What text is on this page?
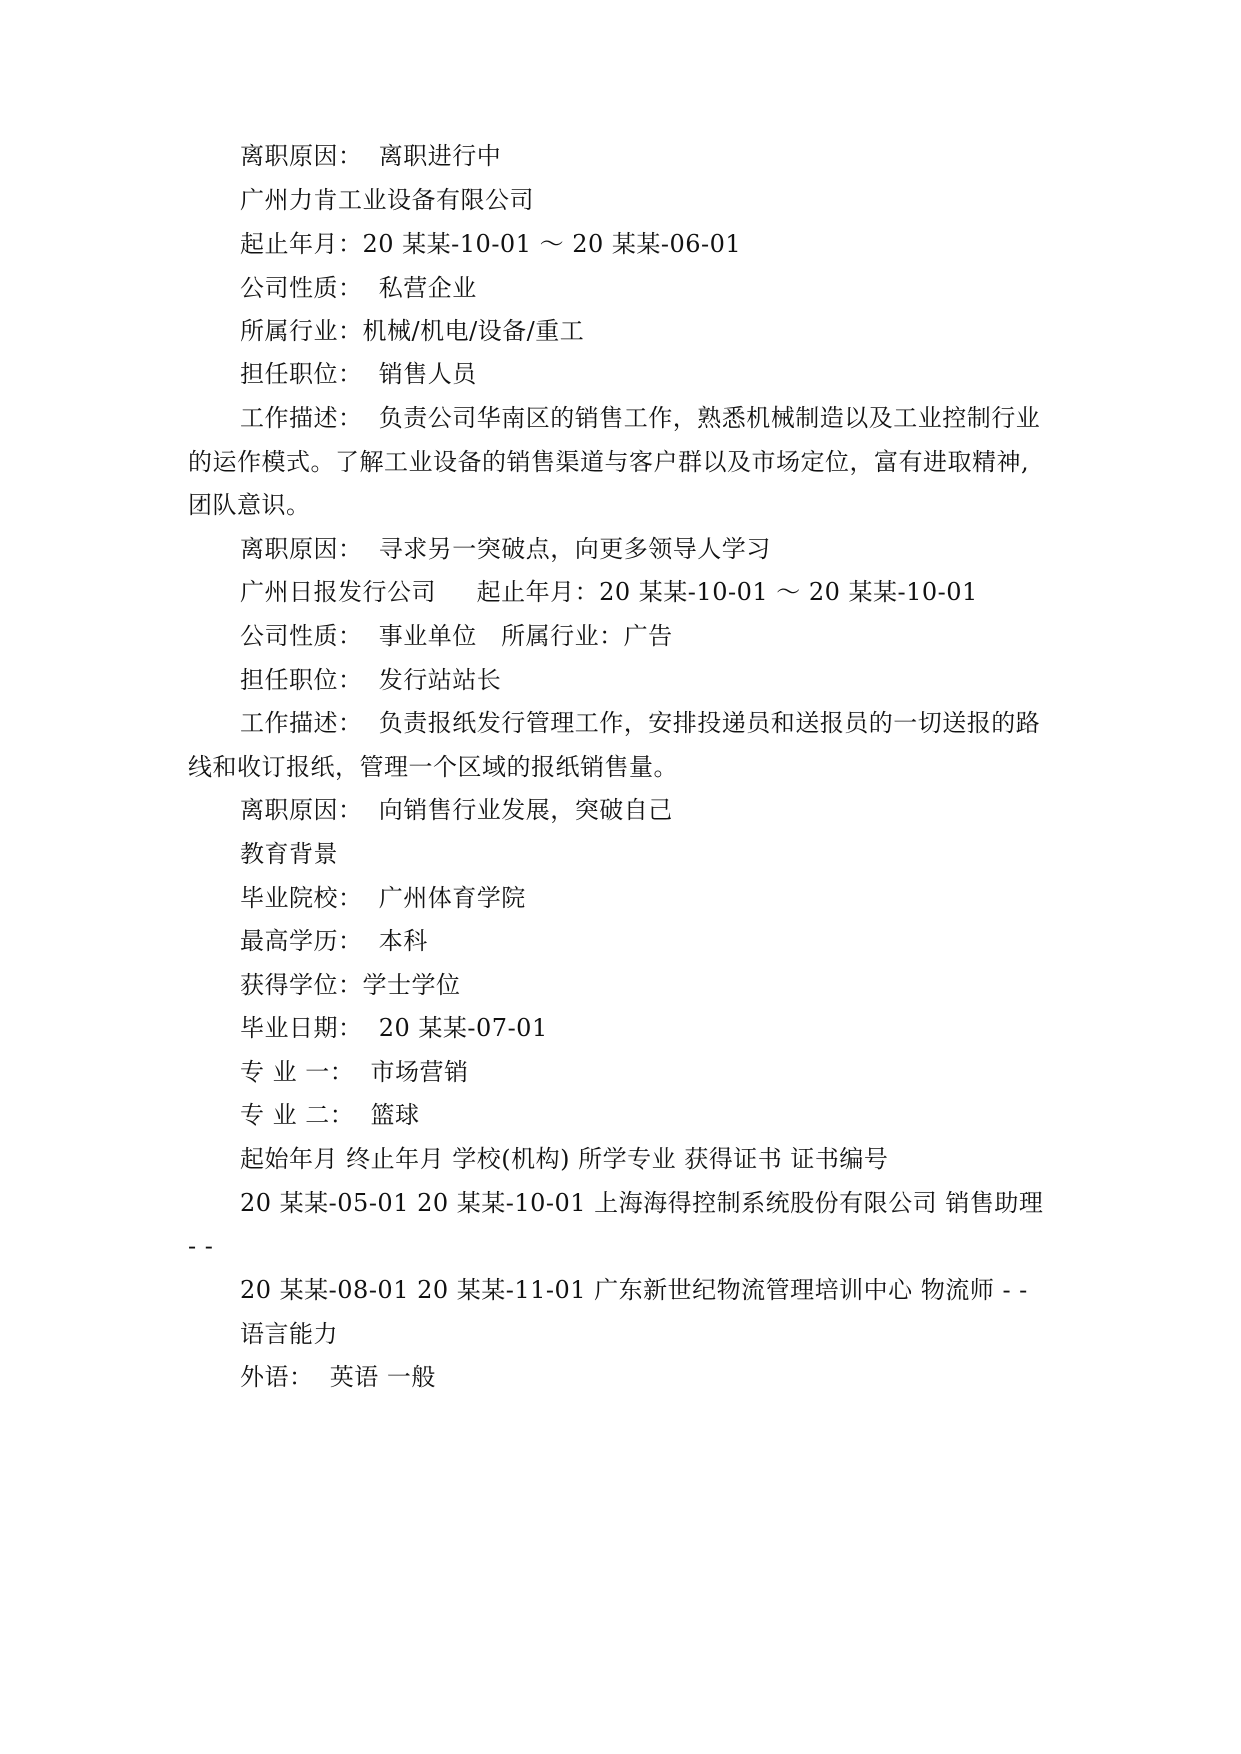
离职原因：  离职进行中

广州力肯工业设备有限公司

起止年月：20 某某-10-01 ～ 20 某某-06-01

公司性质：  私营企业

所属行业：机械/机电/设备/重工

担任职位：  销售人员

工作描述：  负责公司华南区的销售工作，熟悉机械制造以及工业控制行业

的运作模式。了解工业设备的销售渠道与客户群以及市场定位，富有进取精神,

团队意识。

离职原因：  寻求另一突破点，向更多领导人学习

广州日报发行公司     起止年月：20 某某-10-01 ～ 20 某某-10-01

公司性质：  事业单位   所属行业：广告

担任职位：  发行站站长

工作描述：  负责报纸发行管理工作，安排投递员和送报员的一切送报的路

线和收订报纸，管理一个区域的报纸销售量。

离职原因：  向销售行业发展，突破自己

教育背景

毕业院校：  广州体育学院

最高学历：  本科

获得学位：学士学位

毕业日期：  20 某某-07-01

专 业 一：  市场营销

专 业 二：  篮球

起始年月 终止年月 学校(机构) 所学专业 获得证书 证书编号

20 某某-05-01 20 某某-10-01 上海海得控制系统股份有限公司 销售助理

- -

20 某某-08-01 20 某某-11-01 广东新世纪物流管理培训中心 物流师 - -

语言能力

外语：  英语 一般
